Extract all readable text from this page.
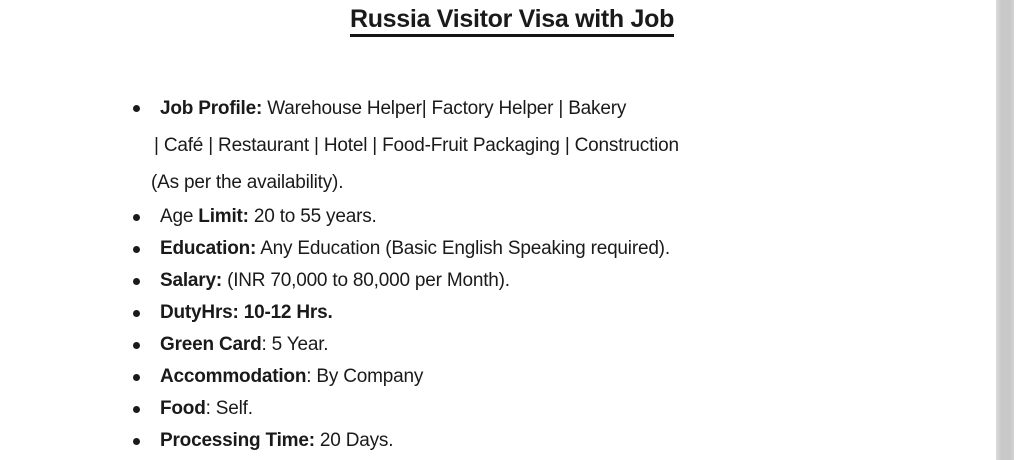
Russia Visitor Visa with Job
Job Profile: Warehouse Helper| Factory Helper | Bakery
| Café | Restaurant | Hotel | Food-Fruit Packaging | Construction
(As per the availability).
Age Limit: 20 to 55 years.
Education: Any Education (Basic English Speaking required).
Salary: (INR 70,000 to 80,000 per Month).
DutyHrs: 10-12 Hrs.
Green Card: 5 Year.
Accommodation: By Company
Food: Self.
Processing Time: 20 Days.
